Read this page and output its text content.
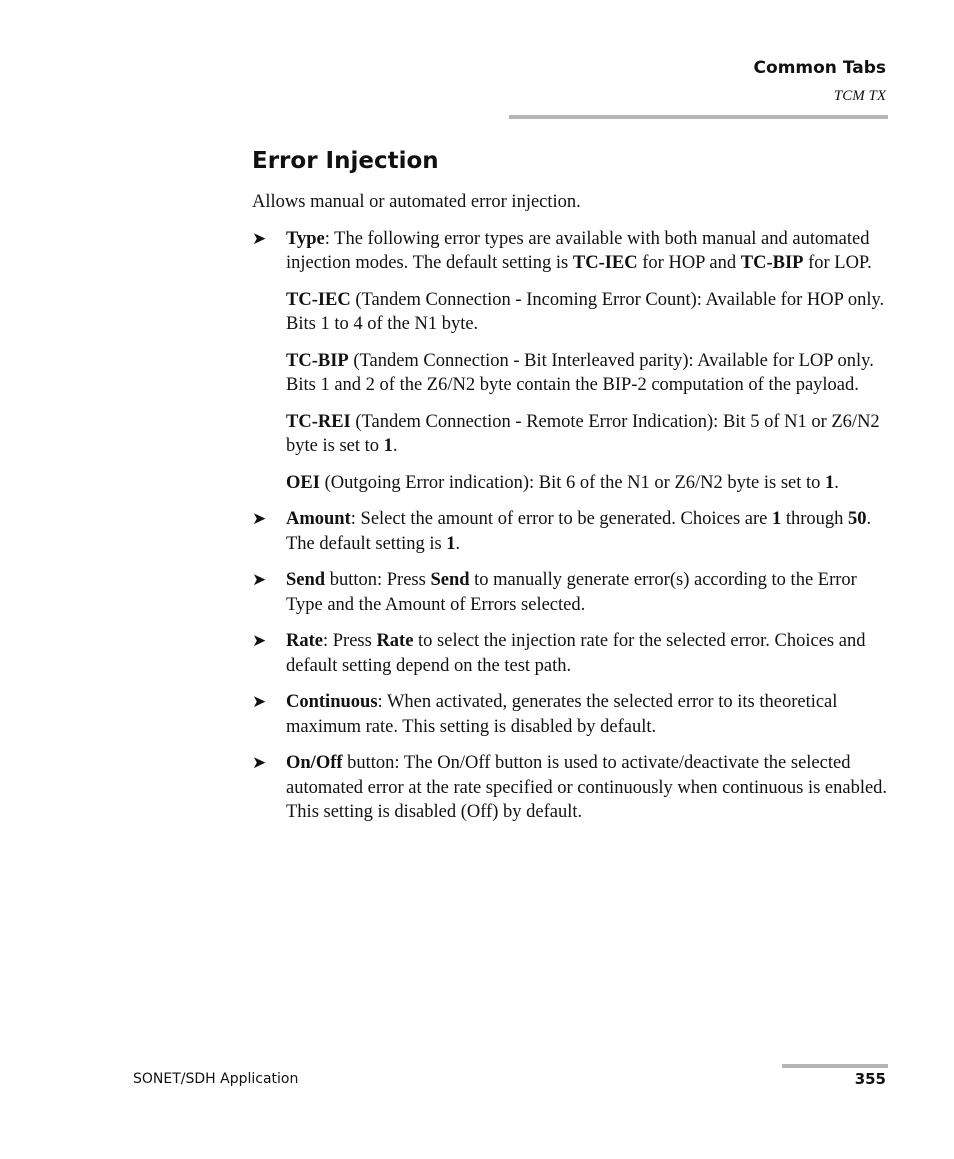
Common Tabs
TCM TX
Error Injection

Allows manual or automated error injection.

➤ Type: The following error types are available with both manual and automated injection modes. The default setting is TC-IEC for HOP and TC-BIP for LOP.

TC-IEC (Tandem Connection - Incoming Error Count): Available for HOP only. Bits 1 to 4 of the N1 byte.

TC-BIP (Tandem Connection - Bit Interleaved parity): Available for LOP only. Bits 1 and 2 of the Z6/N2 byte contain the BIP-2 computation of the payload.

TC-REI (Tandem Connection - Remote Error Indication): Bit 5 of N1 or Z6/N2 byte is set to 1.

OEI (Outgoing Error indication): Bit 6 of the N1 or Z6/N2 byte is set to 1.

➤ Amount: Select the amount of error to be generated. Choices are 1 through 50. The default setting is 1.
➤ Send button: Press Send to manually generate error(s) according to the Error Type and the Amount of Errors selected.
➤ Rate: Press Rate to select the injection rate for the selected error. Choices and default setting depend on the test path.
➤ Continuous: When activated, generates the selected error to its theoretical maximum rate. This setting is disabled by default.
➤ On/Off button: The On/Off button is used to activate/deactivate the selected automated error at the rate specified or continuously when continuous is enabled. This setting is disabled (Off) by default.
SONET/SDH Application	355
